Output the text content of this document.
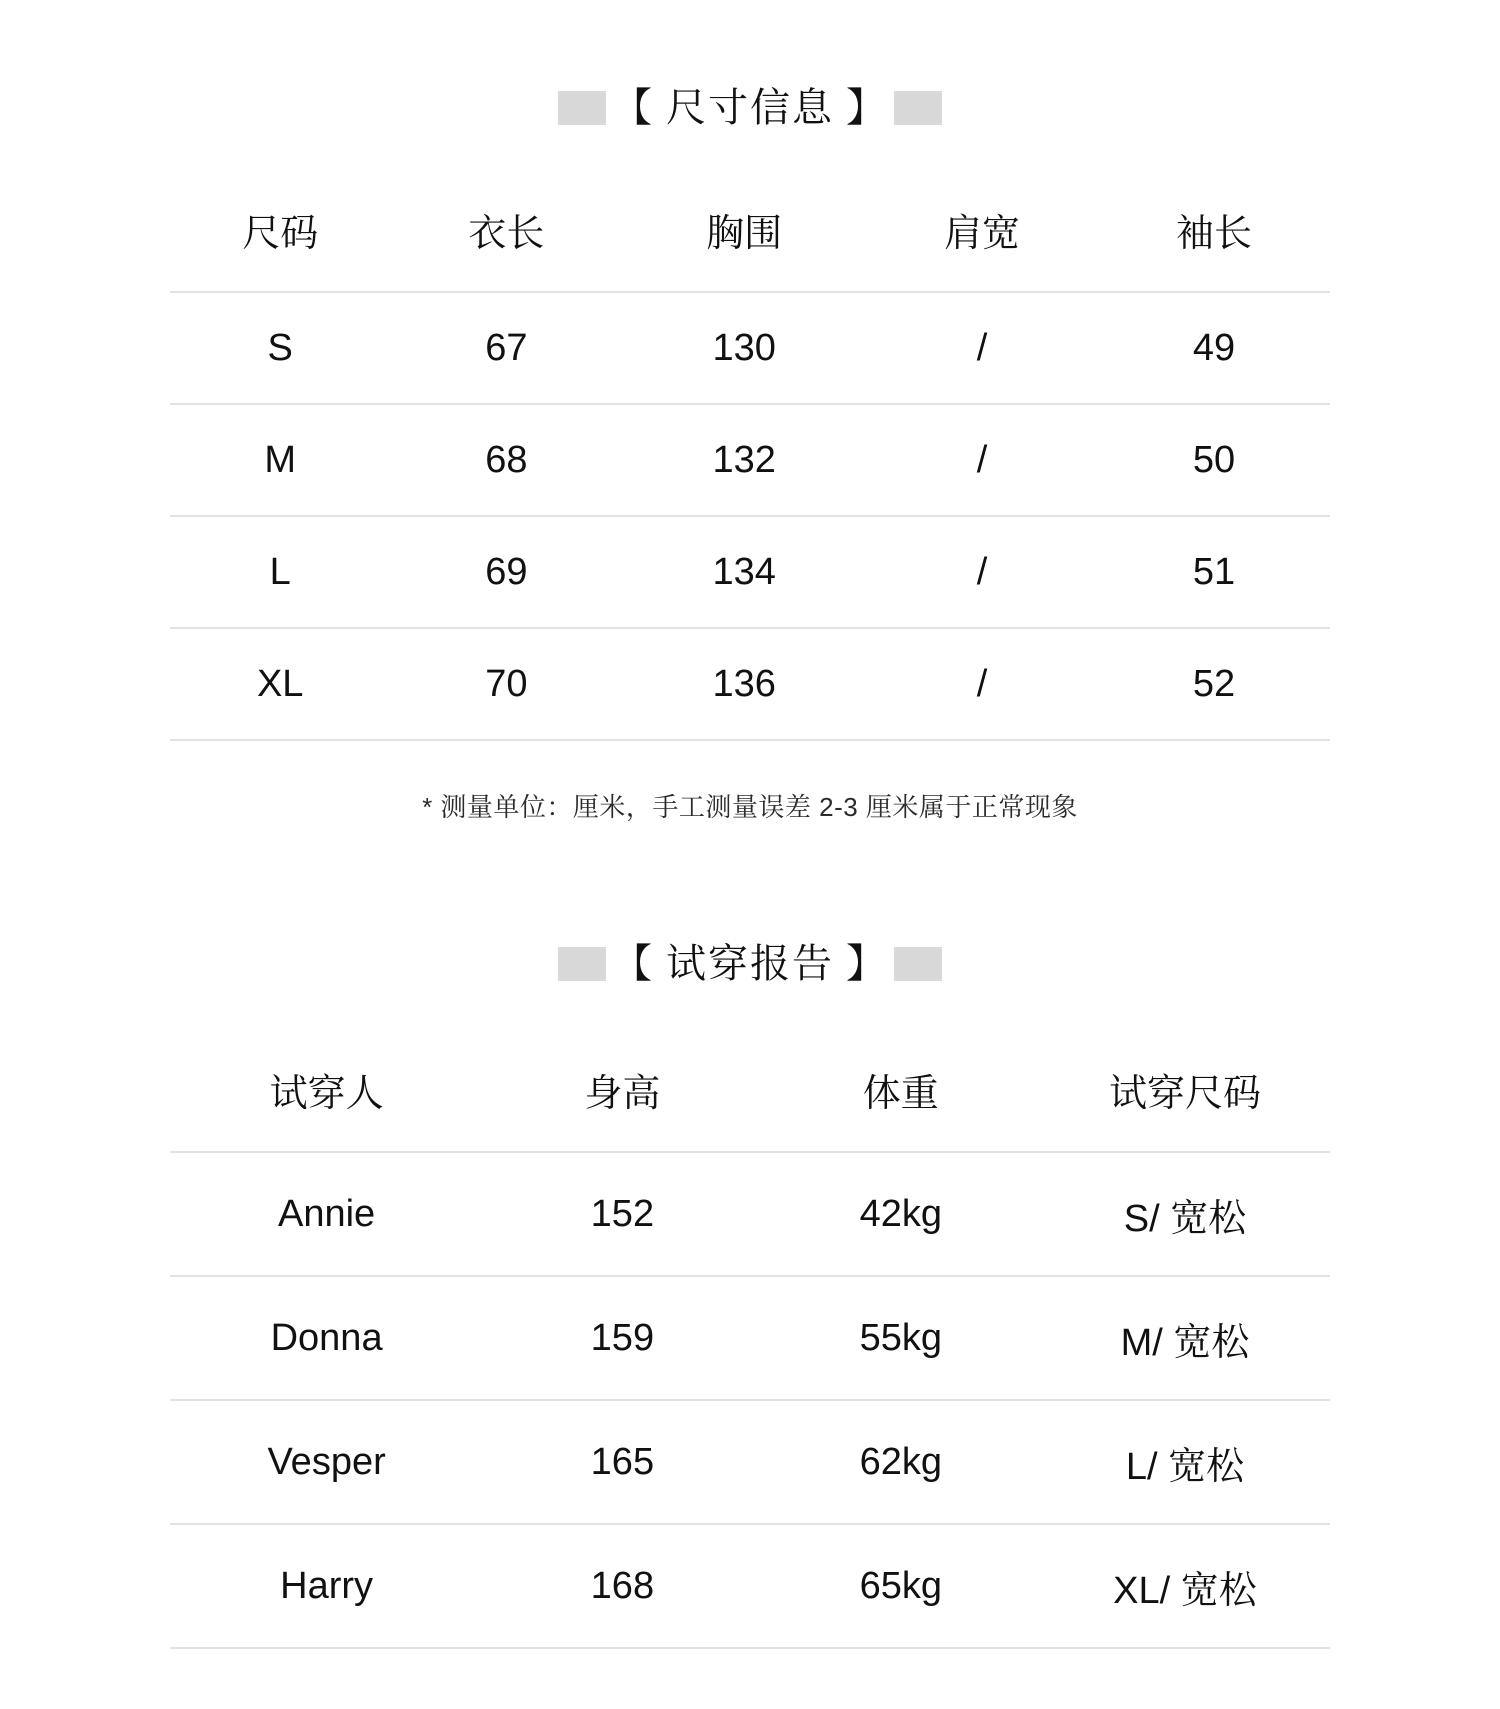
【 尺寸信息 】
尺码	衣长	胸围	肩宽	袖长
S	67	130	/	49
M	68	132	/	50
L	69	134	/	51
XL	70	136	/	52
* 测量单位：厘米，手工测量误差 2-3 厘米属于正常现象
【 试穿报告 】
试穿人	身高	体重	试穿尺码
Annie	152	42kg	S/ 宽松
Donna	159	55kg	M/ 宽松
Vesper	165	62kg	L/ 宽松
Harry	168	65kg	XL/ 宽松
